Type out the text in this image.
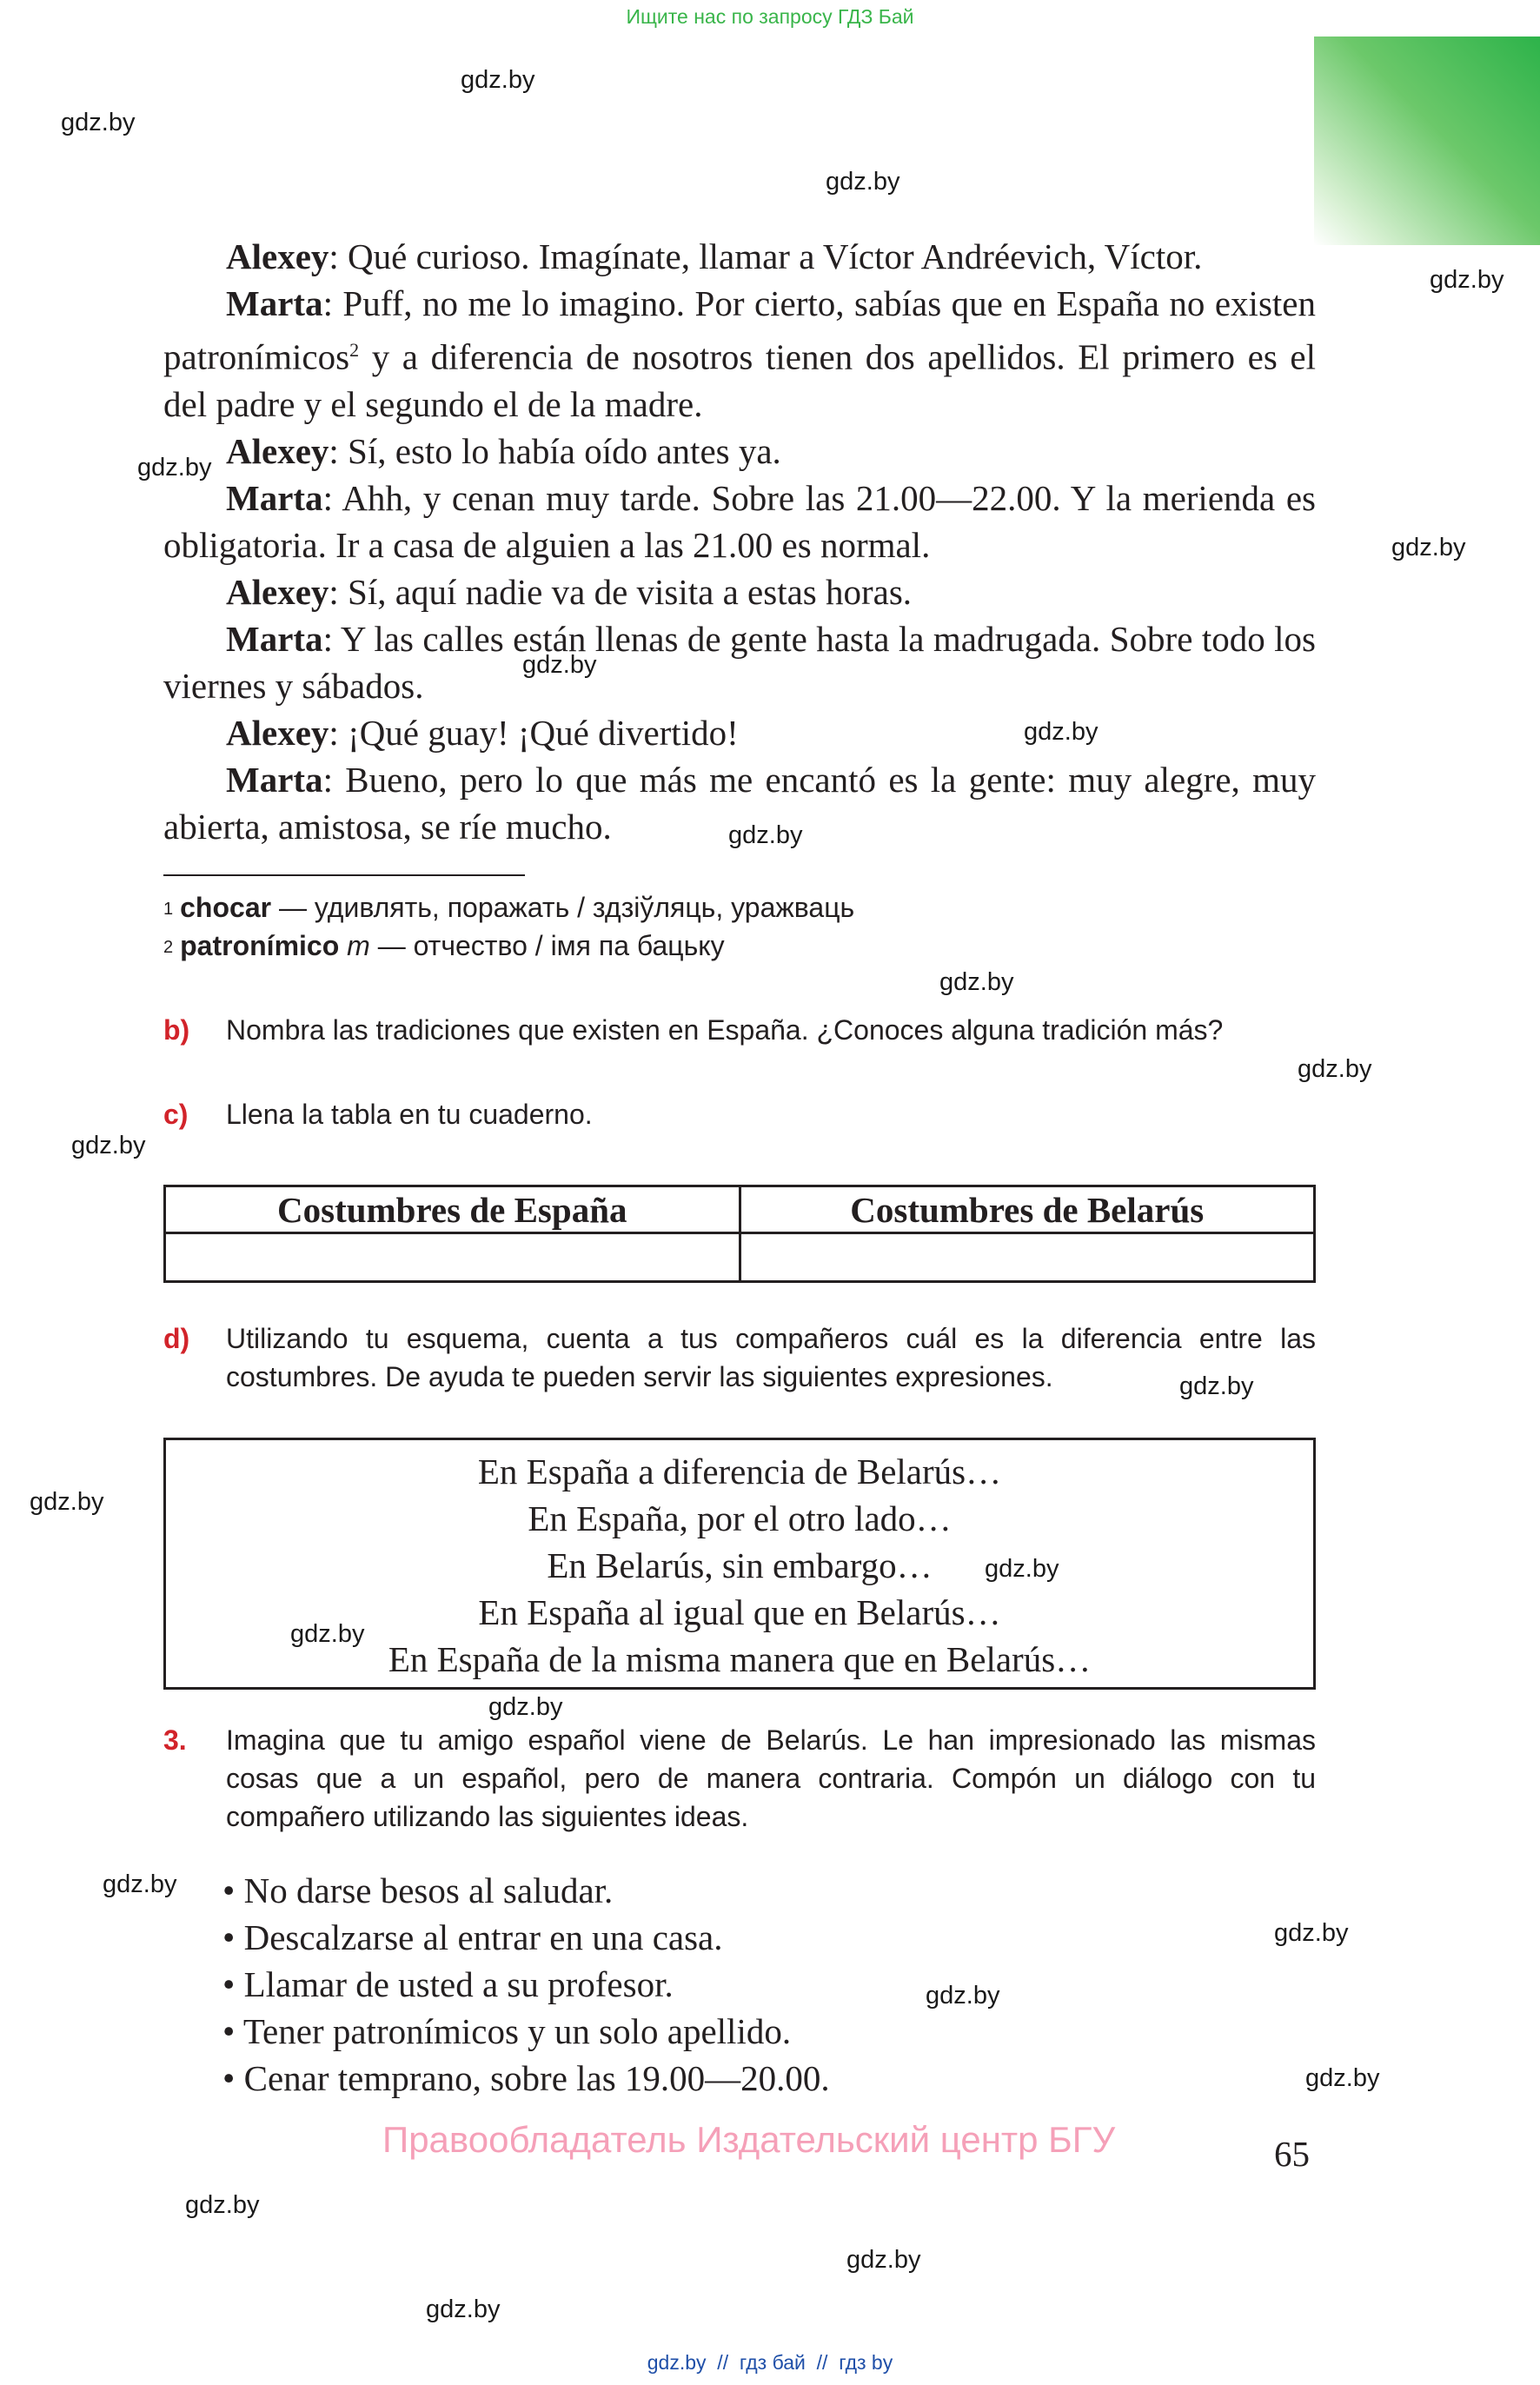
Ищите нас по запросу ГДЗ Бай
gdz.by
gdz.by
gdz.by
gdz.by
gdz.by
gdz.by
gdz.by
gdz.by
gdz.by
gdz.by
gdz.by
gdz.by
gdz.by
gdz.by
gdz.by
gdz.by
gdz.by
gdz.by
gdz.by
gdz.by
gdz.by
gdz.by
gdz.by
gdz.by

Alexey: Qué curioso. Imagínate, llamar a Víctor Andréevich, Víctor.

Marta: Puff, no me lo imagino. Por cierto, sabías que en España no existen patronímicos$^2$ y a diferencia de nosotros tienen dos apellidos. El primero es el del padre y el segundo el de la madre.

Alexey: Sí, esto lo había oído antes ya.

Marta: Ahh, y cenan muy tarde. Sobre las 21.00—22.00. Y la merienda es obligatoria. Ir a casa de alguien a las 21.00 es normal.

Alexey: Sí, aquí nadie va de visita a estas horas.

Marta: Y las calles están llenas de gente hasta la madrugada. Sobre todo los viernes y sábados.

Alexey: ¡Qué guay! ¡Qué divertido!

Marta: Bueno, pero lo que más me encantó es la gente: muy alegre, muy abierta, amistosa, se ríe mucho.

$^1$ chocar — удивлять, поражать / здзіўляць, уражваць
$^2$ patronímico m — отчество / імя па бацьку
b) Nombra las tradiciones que existen en España. ¿Conoces alguna tradición más?
c) Llena la tabla en tu cuaderno.
Costumbres de España	Costumbres de Belarús

d) Utilizando tu esquema, cuenta a tus compañeros cuál es la diferencia entre las costumbres. De ayuda te pueden servir las siguientes expresiones.
En España a diferencia de Belarús…
En España, por el otro lado…
En Belarús, sin embargo…
En España al igual que en Belarús…
En España de la misma manera que en Belarús…
3. Imagina que tu amigo español viene de Belarús. Le han impresionado las mismas cosas que a un español, pero de manera contraria. Compón un diálogo con tu compañero utilizando las siguientes ideas.
• No darse besos al saludar.
• Descalzarse al entrar en una casa.
• Llamar de usted a su profesor.
• Tener patronímicos y un solo apellido.
• Cenar temprano, sobre las 19.00—20.00.
Правообладатель Издательский центр БГУ	65
gdz.by  //  гдз бай  //  гдз by
